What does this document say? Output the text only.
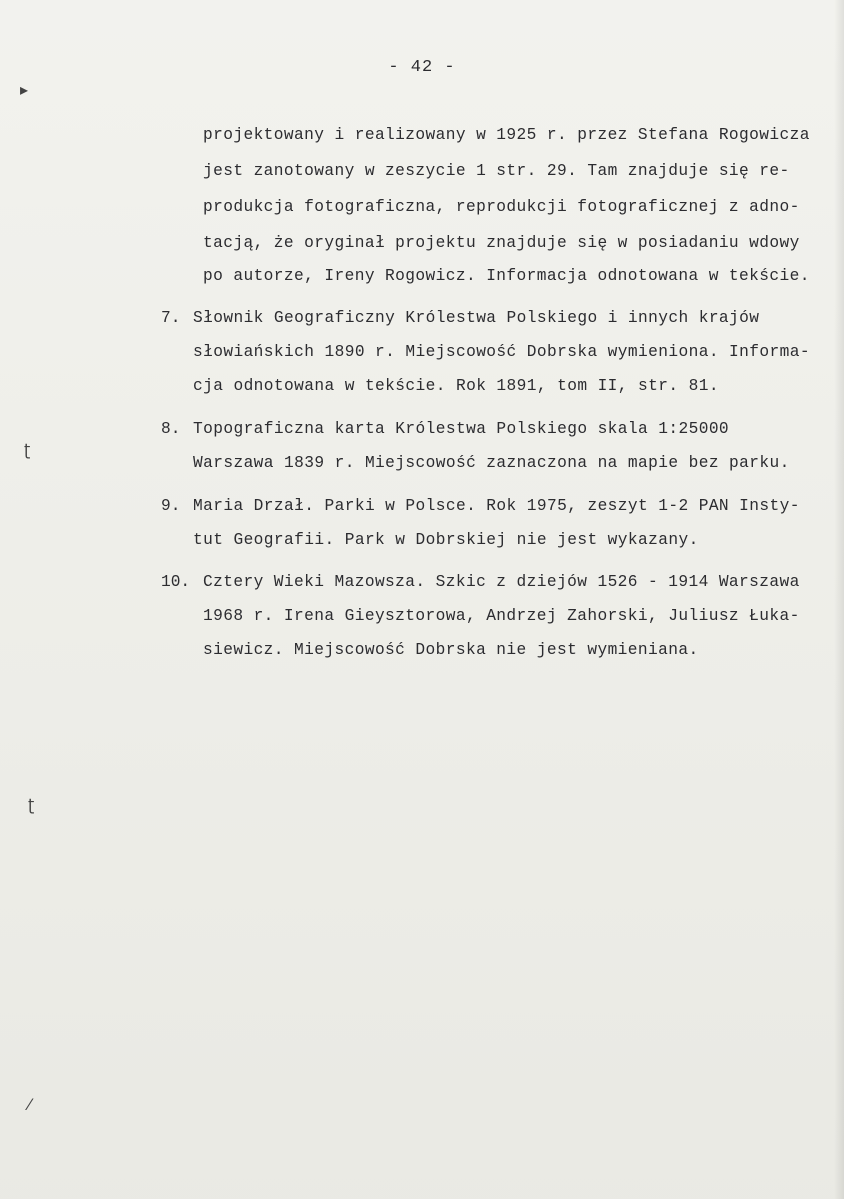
- 42 -
▸
ʈ
ʈ
⁄
projektowany i realizowany w 1925 r. przez Stefana Rogowicza
jest zanotowany w zeszycie 1 str. 29. Tam znajduje się re-
produkcja fotograficzna, reprodukcji fotograficznej z adno-
tacją, że oryginał projektu znajduje się w posiadaniu wdowy
po autorze, Ireny Rogowicz. Informacja odnotowana w tekście.
7. Słownik Geograficzny Królestwa Polskiego i innych krajów
słowiańskich 1890 r. Miejscowość Dobrska wymieniona. Informa-
cja odnotowana w tekście. Rok 1891, tom II, str. 81.
8. Topograficzna karta Królestwa Polskiego skala 1:25000
Warszawa 1839 r. Miejscowość zaznaczona na mapie bez parku.
9. Maria Drzał. Parki w Polsce. Rok 1975, zeszyt 1-2 PAN Insty-
tut Geografii. Park w Dobrskiej nie jest wykazany.
10. Cztery Wieki Mazowsza. Szkic z dziejów 1526 - 1914 Warszawa
1968 r. Irena Gieysztorowa, Andrzej Zahorski, Juliusz Łuka-
siewicz. Miejscowość Dobrska nie jest wymieniana.
